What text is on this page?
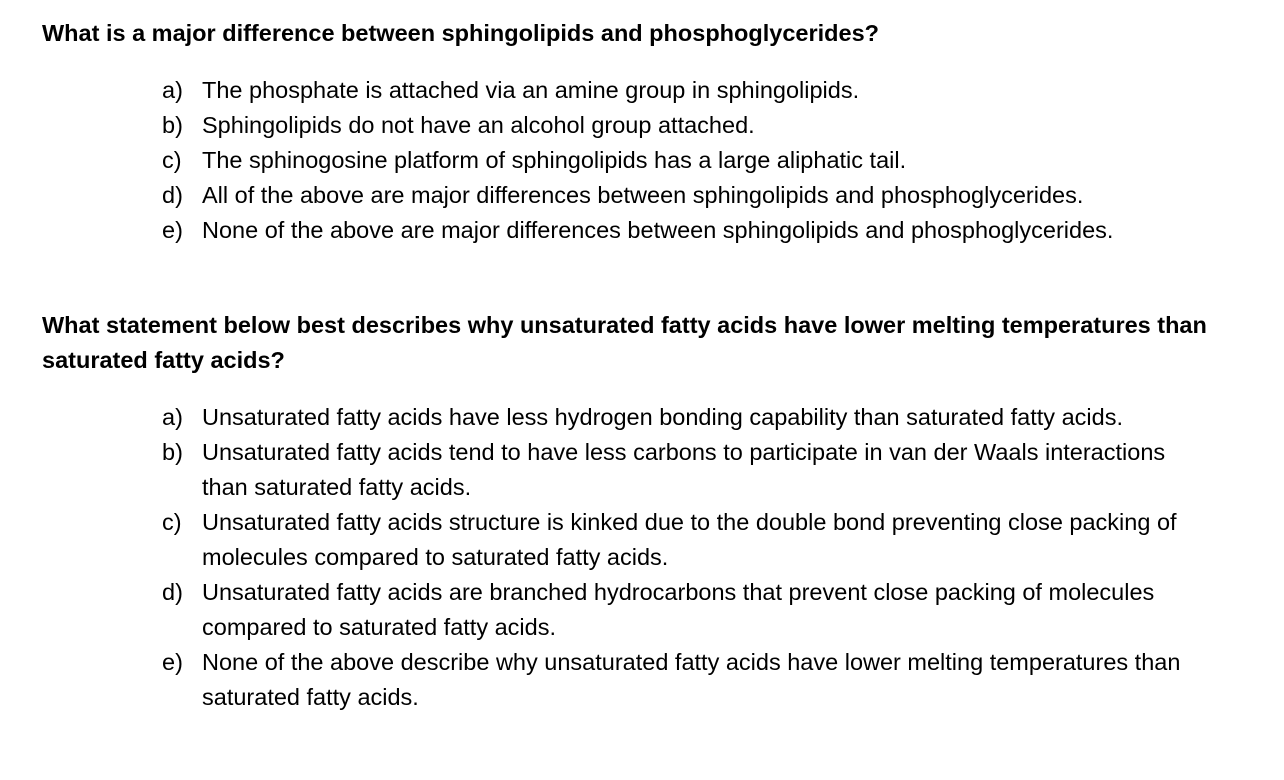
What is a major difference between sphingolipids and phosphoglycerides?
a) The phosphate is attached via an amine group in sphingolipids.
b) Sphingolipids do not have an alcohol group attached.
c) The sphinogosine platform of sphingolipids has a large aliphatic tail.
d) All of the above are major differences between sphingolipids and phosphoglycerides.
e) None of the above are major differences between sphingolipids and phosphoglycerides.
What statement below best describes why unsaturated fatty acids have lower melting temperatures than saturated fatty acids?
a) Unsaturated fatty acids have less hydrogen bonding capability than saturated fatty acids.
b) Unsaturated fatty acids tend to have less carbons to participate in van der Waals interactions than saturated fatty acids.
c) Unsaturated fatty acids structure is kinked due to the double bond preventing close packing of molecules compared to saturated fatty acids.
d) Unsaturated fatty acids are branched hydrocarbons that prevent close packing of molecules compared to saturated fatty acids.
e) None of the above describe why unsaturated fatty acids have lower melting temperatures than saturated fatty acids.
